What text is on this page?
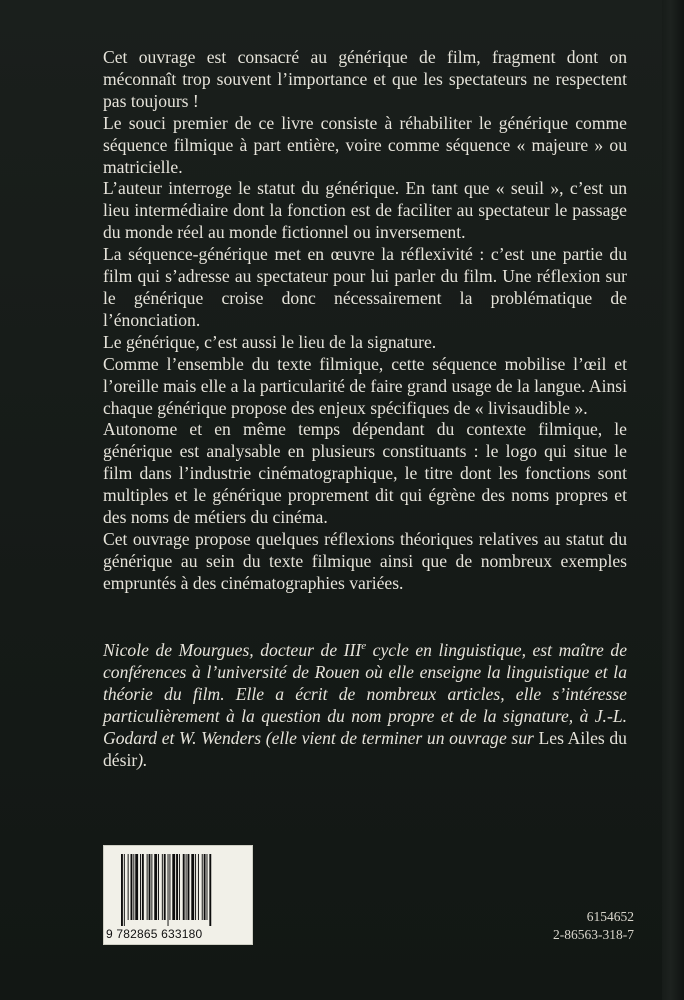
Cet ouvrage est consacré au générique de film, fragment dont on méconnaît trop souvent l’importance et que les spectateurs ne respectent pas toujours !

Le souci premier de ce livre consiste à réhabiliter le générique comme séquence filmique à part entière, voire comme séquence « majeure » ou matricielle.

L’auteur interroge le statut du générique. En tant que « seuil », c’est un lieu intermédiaire dont la fonction est de faciliter au spectateur le passage du monde réel au monde fictionnel ou inversement.

La séquence-générique met en œuvre la réflexivité : c’est une partie du film qui s’adresse au spectateur pour lui parler du film. Une réflexion sur le générique croise donc nécessairement la problématique de l’énonciation.

Le générique, c’est aussi le lieu de la signature.

Comme l’ensemble du texte filmique, cette séquence mobilise l’œil et l’oreille mais elle a la particularité de faire grand usage de la langue. Ainsi chaque générique propose des enjeux spécifiques de « livisaudible ».

Autonome et en même temps dépendant du contexte filmique, le générique est analysable en plusieurs constituants : le logo qui situe le film dans l’industrie cinématographique, le titre dont les fonctions sont multiples et le générique proprement dit qui égrène des noms propres et des noms de métiers du cinéma.

Cet ouvrage propose quelques réflexions théoriques relatives au statut du générique au sein du texte filmique ainsi que de nombreux exemples empruntés à des cinématographies variées.

Nicole de Mourgues, docteur de IIIe cycle en linguistique, est maître de conférences à l’université de Rouen où elle enseigne la linguistique et la théorie du film. Elle a écrit de nombreux articles, elle s’intéresse particulièrement à la question du nom propre et de la signature, à J.-L. Godard et W. Wenders (elle vient de terminer un ouvrage sur Les Ailes du désir).

9 782865 633180
6154652
2-86563-318-7
